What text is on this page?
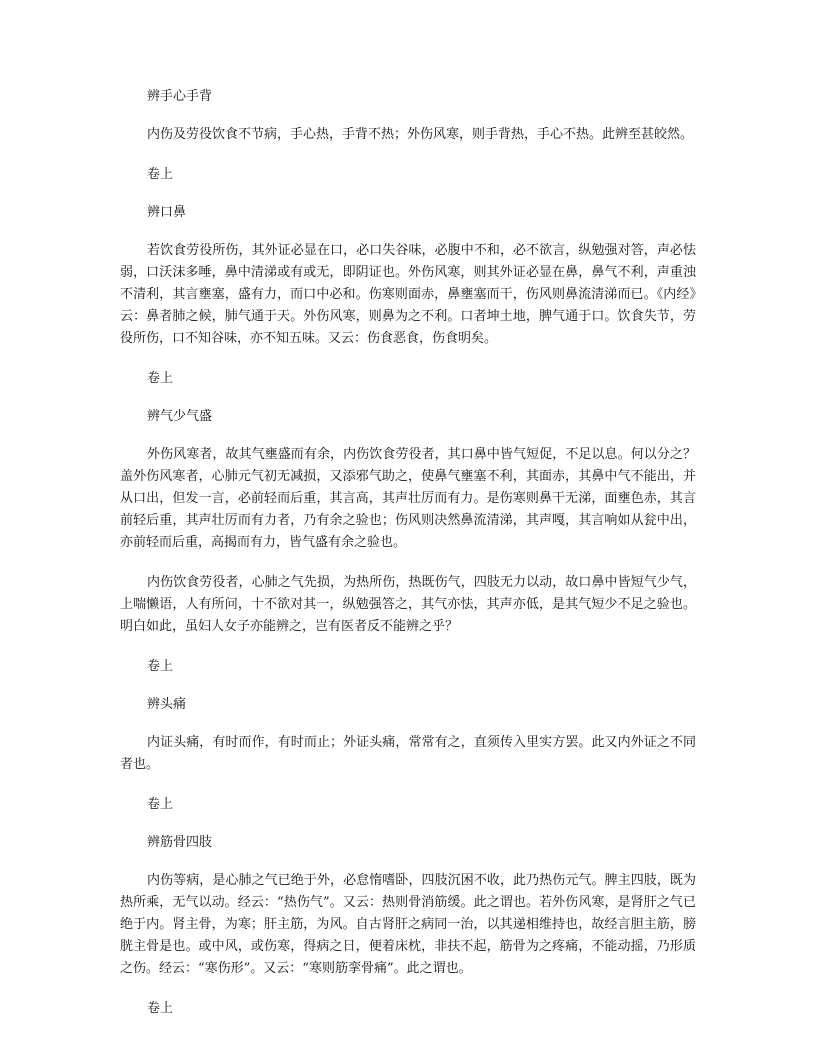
辨手心手背

内伤及劳役饮食不节病，手心热，手背不热；外伤风寒，则手背热，手心不热。此辨至甚皎然。

卷上

辨口鼻

若饮食劳役所伤，其外证必显在口，必口失谷味，必腹中不和，必不欲言，纵勉强对答，声必怯弱，口沃沫多唾，鼻中清涕或有或无，即阴证也。外伤风寒，则其外证必显在鼻，鼻气不利，声重浊不清利，其言壅塞，盛有力，而口中必和。伤寒则面赤，鼻壅塞而干，伤风则鼻流清涕而已。《内经》云：鼻者肺之候，肺气通于天。外伤风寒，则鼻为之不利。口者坤土地，脾气通于口。饮食失节，劳役所伤，口不知谷味，亦不知五味。又云：伤食恶食，伤食明矣。

卷上

辨气少气盛

外伤风寒者，故其气壅盛而有余，内伤饮食劳役者，其口鼻中皆气短促，不足以息。何以分之？盖外伤风寒者，心肺元气初无减损，又添邪气助之，使鼻气壅塞不利，其面赤，其鼻中气不能出，并从口出，但发一言，必前轻而后重，其言高，其声壮厉而有力。是伤寒则鼻干无涕，面壅色赤，其言前轻后重，其声壮厉而有力者，乃有余之验也；伤风则决然鼻流清涕，其声嘎，其言响如从瓮中出，亦前轻而后重，高揭而有力，皆气盛有余之验也。

内伤饮食劳役者，心肺之气先损，为热所伤，热既伤气，四肢无力以动，故口鼻中皆短气少气，上喘懒语，人有所问，十不欲对其一，纵勉强答之，其气亦怯，其声亦低，是其气短少不足之验也。明白如此，虽妇人女子亦能辨之，岂有医者反不能辨之乎？

卷上

辨头痛

内证头痛，有时而作，有时而止；外证头痛，常常有之，直须传入里实方罢。此又内外证之不同者也。

卷上

辨筋骨四肢

内伤等病，是心肺之气已绝于外，必怠惰嗜卧，四肢沉困不收，此乃热伤元气。脾主四肢，既为热所乘，无气以动。经云：“热伤气”。又云：热则骨消筋缓。此之谓也。若外伤风寒，是肾肝之气已绝于内。肾主骨，为寒；肝主筋，为风。自古肾肝之病同一治，以其递相维持也，故经言胆主筋，膀胱主骨是也。或中风，或伤寒，得病之日，便着床枕，非扶不起，筋骨为之疼痛，不能动摇，乃形质之伤。经云：“寒伤形”。又云：“寒则筋挛骨痛”。此之谓也。

卷上
